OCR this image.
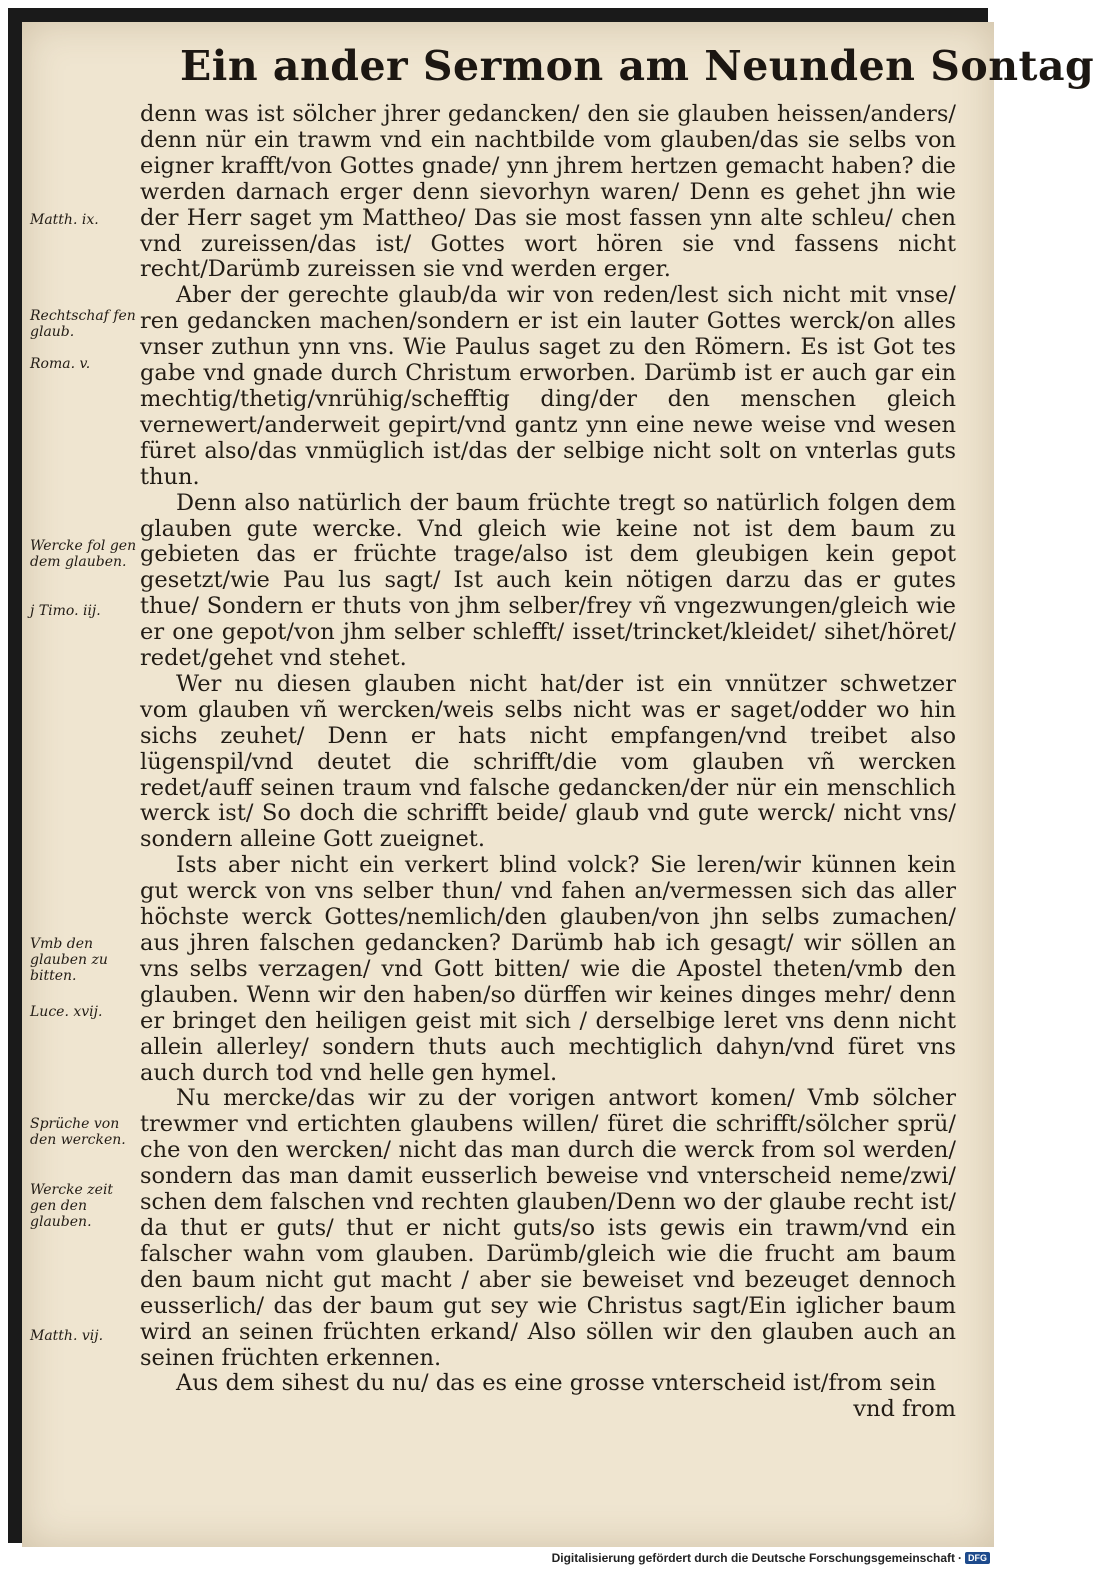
Ein ander Sermon am Neunden Sontag

denn was ist sölcher jhrer gedancken/ den sie glauben heissen/anders/ denn nür ein trawm vnd ein nachtbilde vom glauben/das sie selbs von eigner krafft/von Gottes gnade/ ynn jhrem hertzen gemacht haben? die werden darnach erger denn sievorhyn waren/ Denn es gehet jhn wie der Herr saget ym Mattheo/ Das sie most fassen ynn alte schleu/ chen vnd zureissen/das ist/ Gottes wort hören sie vnd fassens nicht recht/Darümb zureissen sie vnd werden erger.

Aber der gerechte glaub/da wir von reden/lest sich nicht mit vnse/ ren gedancken machen/sondern er ist ein lauter Gottes werck/on alles vnser zuthun ynn vns. Wie Paulus saget zu den Römern. Es ist Got tes gabe vnd gnade durch Christum erworben. Darümb ist er auch gar ein mechtig/thetig/vnrühig/schefftig ding/der den menschen gleich vernewert/anderweit gepirt/vnd gantz ynn eine newe weise vnd wesen füret also/das vnmüglich ist/das der selbige nicht solt on vnterlas guts thun.

Denn also natürlich der baum früchte tregt so natürlich folgen dem glauben gute wercke. Vnd gleich wie keine not ist dem baum zu gebieten das er früchte trage/also ist dem gleubigen kein gepot gesetzt/wie Pau lus sagt/ Ist auch kein nötigen darzu das er gutes thue/ Sondern er thuts von jhm selber/frey vñ vngezwungen/gleich wie er one gepot/von jhm selber schlefft/ isset/trincket/kleidet/ sihet/höret/ redet/gehet vnd stehet.

Wer nu diesen glauben nicht hat/der ist ein vnnützer schwetzer vom glauben vñ wercken/weis selbs nicht was er saget/odder wo hin sichs zeuhet/ Denn er hats nicht empfangen/vnd treibet also lügenspil/vnd deutet die schrifft/die vom glauben vñ wercken redet/auff seinen traum vnd falsche gedancken/der nür ein menschlich werck ist/ So doch die schrifft beide/ glaub vnd gute werck/ nicht vns/ sondern alleine Gott zueignet.

Ists aber nicht ein verkert blind volck? Sie leren/wir künnen kein gut werck von vns selber thun/ vnd fahen an/vermessen sich das aller höchste werck Gottes/nemlich/den glauben/von jhn selbs zumachen/ aus jhren falschen gedancken? Darümb hab ich gesagt/ wir söllen an vns selbs verzagen/ vnd Gott bitten/ wie die Apostel theten/vmb den glauben. Wenn wir den haben/so dürffen wir keines dinges mehr/ denn er bringet den heiligen geist mit sich / derselbige leret vns denn nicht allein allerley/ sondern thuts auch mechtiglich dahyn/vnd füret vns auch durch tod vnd helle gen hymel.

Nu mercke/das wir zu der vorigen antwort komen/ Vmb sölcher trewmer vnd ertichten glaubens willen/ füret die schrifft/sölcher sprü/ che von den wercken/ nicht das man durch die werck from sol werden/ sondern das man damit eusserlich beweise vnd vnterscheid neme/zwi/ schen dem falschen vnd rechten glauben/Denn wo der glaube recht ist/ da thut er guts/ thut er nicht guts/so ists gewis ein trawm/vnd ein falscher wahn vom glauben. Darümb/gleich wie die frucht am baum den baum nicht gut macht / aber sie beweiset vnd bezeuget dennoch eusserlich/ das der baum gut sey wie Christus sagt/Ein iglicher baum wird an seinen früchten erkand/ Also söllen wir den glauben auch an seinen früchten erkennen.

Aus dem sihest du nu/ das es eine grosse vnterscheid ist/from sein

vnd from

Matth. ix.
Rechtschaf fen glaub.
Roma. v.
Wercke fol gen dem glauben.
j Timo. iij.
Vmb den glauben zu bitten.
Luce. xvij.
Sprüche von den wercken.
Wercke zeit gen den glauben.
Matth. vij.
Digitalisierung gefördert durch die Deutsche Forschungsgemeinschaft · DFG
